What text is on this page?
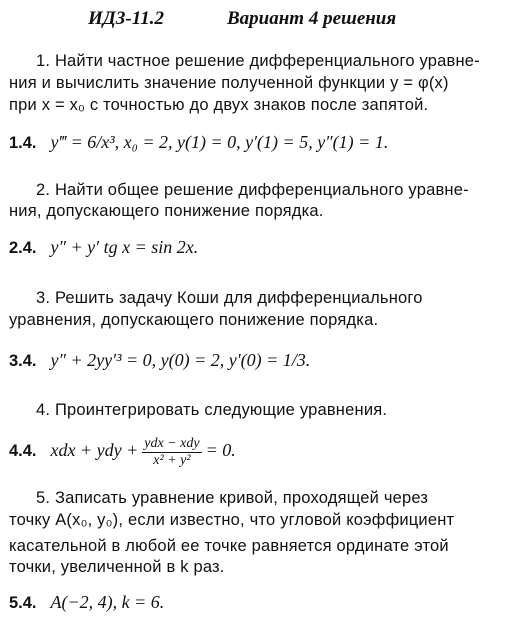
ИДЗ-11.2	Вариант 4 решения
1. Найти частное решение дифференциального уравне-
ния и вычислить значение полученной функции y = φ(x)
при x = x₀ с точностью до двух знаков после запятой.
1.4. y‴ = 6/x³, x₀ = 2, y(1) = 0, y′(1) = 5, y″(1) = 1.
2. Найти общее решение дифференциального уравне-
ния, допускающего понижение порядка.
2.4. y″ + y′ tg x = sin 2x.
3. Решить задачу Коши для дифференциального
уравнения, допускающего понижение порядка.
3.4. y″ + 2yy′³ = 0, y(0) = 2, y′(0) = 1/3.
4. Проинтегрировать следующие уравнения.
4.4. xdx + ydy + $\frac{\text{ydx − xdy}}{\text{x² + y²}} = 0$.
5. Записать уравнение кривой, проходящей через
точку A(x₀, y₀), если известно, что угловой коэффициент
касательной в любой ее точке равняется ординате этой
точки, увеличенной в k раз.
5.4. A(−2, 4), k = 6.
